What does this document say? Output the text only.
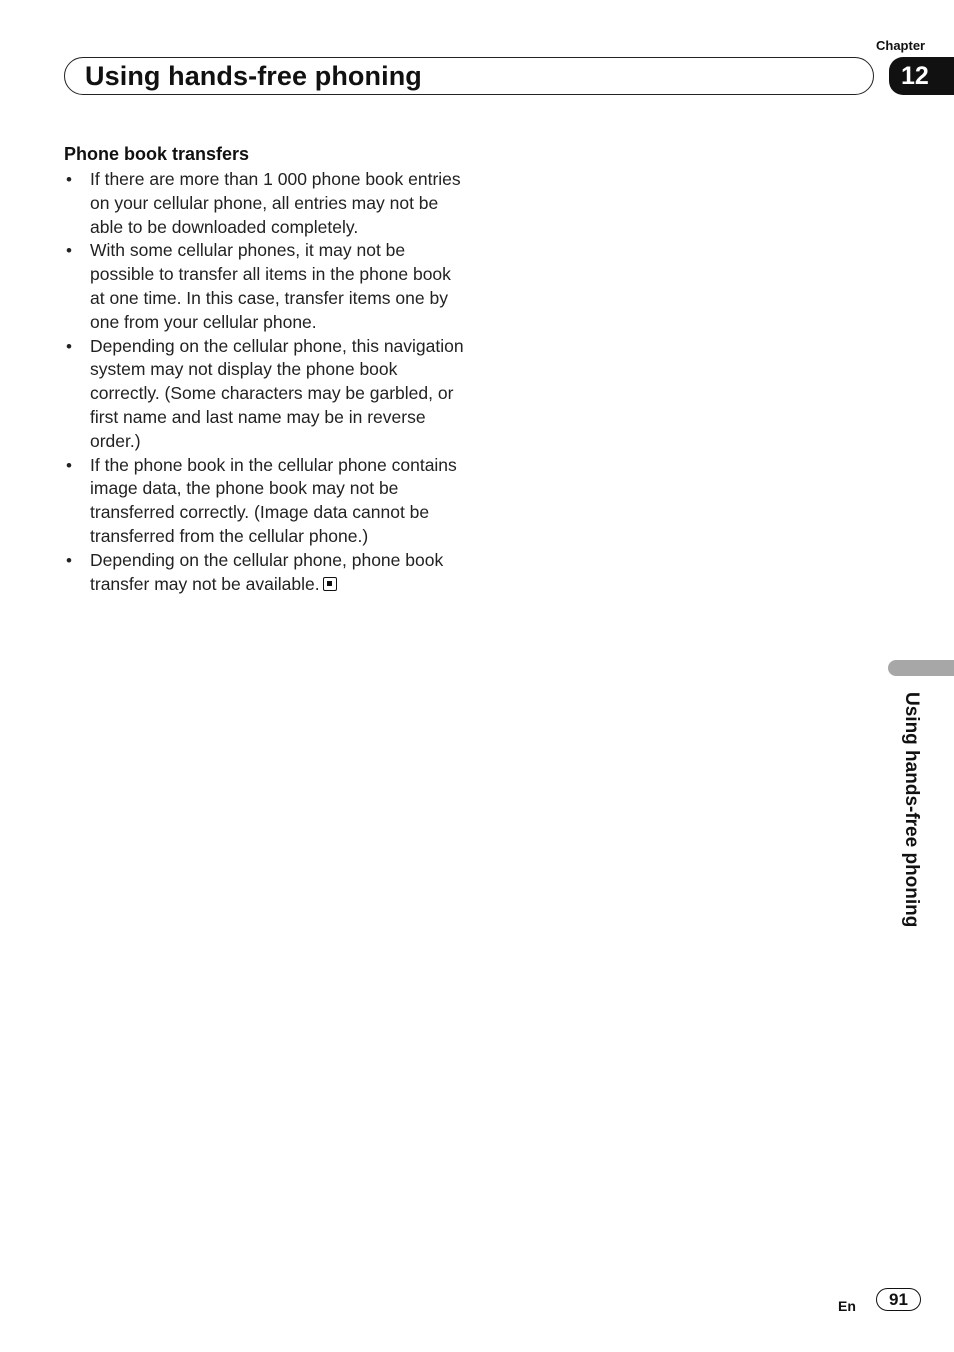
Chapter
Using hands-free phoning	12
Phone book transfers
• If there are more than 1 000 phone book entries on your cellular phone, all entries may not be able to be downloaded completely.
• With some cellular phones, it may not be possible to transfer all items in the phone book at one time. In this case, transfer items one by one from your cellular phone.
• Depending on the cellular phone, this navigation system may not display the phone book correctly. (Some characters may be garbled, or first name and last name may be in reverse order.)
• If the phone book in the cellular phone contains image data, the phone book may not be transferred correctly. (Image data cannot be transferred from the cellular phone.)
• Depending on the cellular phone, phone book transfer may not be available.
Using hands-free phoning
En	91
